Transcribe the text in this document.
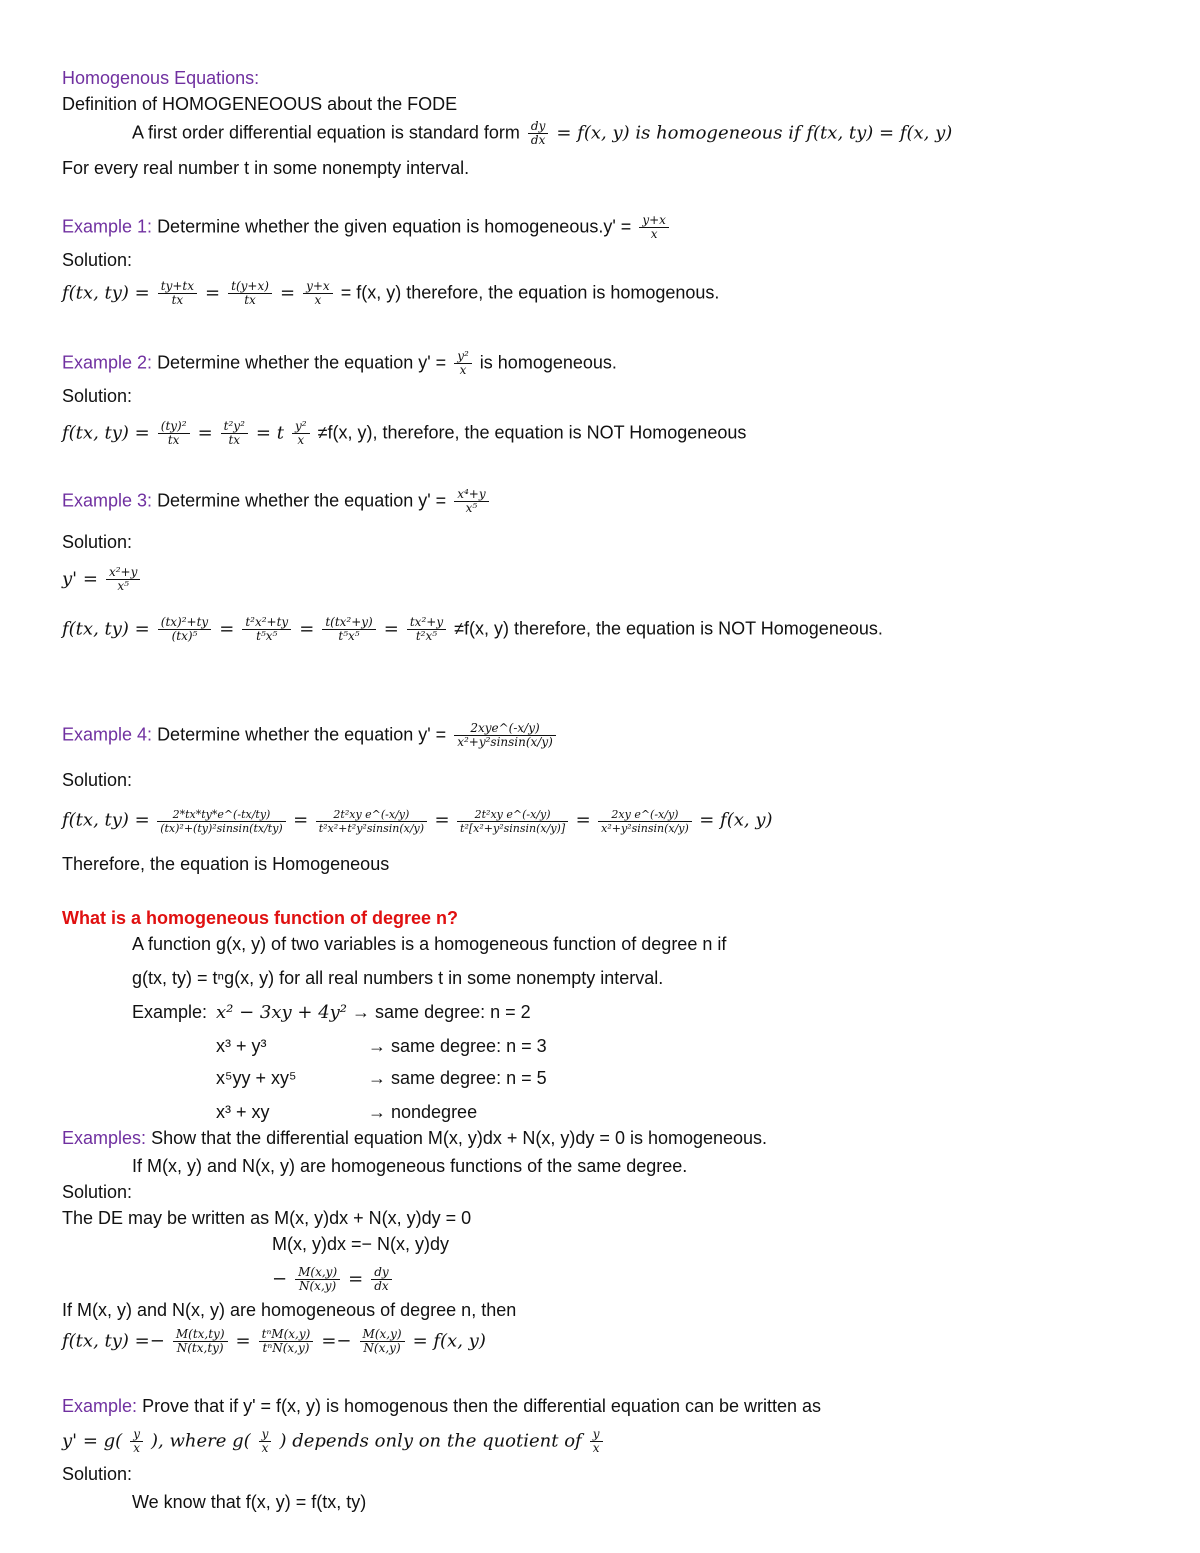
Homogenous Equations:
Definition of HOMOGENEOOUS about the FODE
A first order differential equation is standard form $\frac{dy}{dx} = f(x$, y) is homogeneous if f(tx, ty) = f(x, y)
For every real number t in some nonempty interval.
Example 1: Determine whether the given equation is homogeneous.y' = $\frac{y+x}{x}$
Solution:
f(tx, $ty) = \frac{ty+tx}{tx} = \frac{t(y+x)}{tx} = \frac{y+x}{x} = f(x$, y) therefore, the equation is homogenous.
Example 2: Determine whether the equation $y' = \frac{\text{y²}}{x}$ is homogeneous.
Solution:
f(tx, $ty) = \frac{\text{(ty)²}}{tx} = \frac{\text{t²y²}}{tx} = t \frac{\text{y²}}{x} \ne f(x$, y), therefore, the equation is NOT Homogeneous
Example 3: Determine whether the equation $y' = \frac{\text{x⁴+y}}{\text{x⁵}}$
Solution:
$y' = \frac{\text{x²+y}}{\text{x⁵}}$
f(tx, $ty) = \frac{\text{(tx)²+ty}}{\text{(tx)⁵}} = \frac{\text{t²x²+ty}}{\text{t⁵x⁵}} = \frac{\text{t(tx²+y)}}{\text{t⁵x⁵}} = \frac{\text{tx²+y}}{\text{t²x⁵}} \ne f(x$, y) therefore, the equation is NOT Homogeneous.
Example 4: Determine whether the equation $y' = \frac{\text{2xye\textasciicircum{}(-x/y)}}{\text{x²+y²sinsin(x/y)}}$
Solution:
f(tx, $ty) = \frac{2*tx*ty*e\^{}(-tx/ty)}{\text{(tx)²+(ty)²sinsin(tx/ty)}} = \frac{\text{2t²xy e\textasciicircum{}(-x/y)}}{\text{t²x²+t²y²sinsin(x/y)}} = \frac{\text{2t²xy e\textasciicircum{}(-x/y)}}{\text{t²[x²+y²sinsin(x/y)]}} = \frac{\text{2xy e\textasciicircum{}(-x/y)}}{\text{x²+y²sinsin(x/y)}} = f(x$, y)
Therefore, the equation is Homogeneous
What is a homogeneous function of degree n?
A function g(x, y) of two variables is a homogeneous function of degree n if
g(tx, ty) = tⁿg(x, y) for all real numbers t in some nonempty interval.
Example: x² − 3xy + 4y² → same degree: n = 2
x³ + y³	→ same degree: n = 3
x⁵yy + xy⁵	→ same degree: n = 5
x³ + xy	→ nondegree
Examples: Show that the differential equation M(x, y)dx + N(x, y)dy = 0 is homogeneous.
If M(x, y) and N(x, y) are homogeneous functions of the same degree.
Solution:
The DE may be written as M(x, y)dx + N(x, y)dy = 0
M(x, y)dx =− N(x, y)dy
− $\frac{M(x,y)}{N(x,y)} = \frac{dy}{dx}$
If M(x, y) and N(x, y) are homogeneous of degree n, then
f(tx, $ty) =- \frac{M(tx,ty)}{N(tx,ty)} = \frac{\text{tⁿM(x,y)}}{\text{tⁿN(x,y)}} =- \frac{M(x,y)}{N(x,y)} = f(x$, y)
Example: Prove that if y' = f(x, y) is homogenous then the differential equation can be written as
$y' = g( \frac{y}{x}$ ), where $g( \frac{y}{x}$ ) depends only on the quotient of $\frac{y}{x}$
Solution:
We know that f(x, y) = f(tx, ty)
